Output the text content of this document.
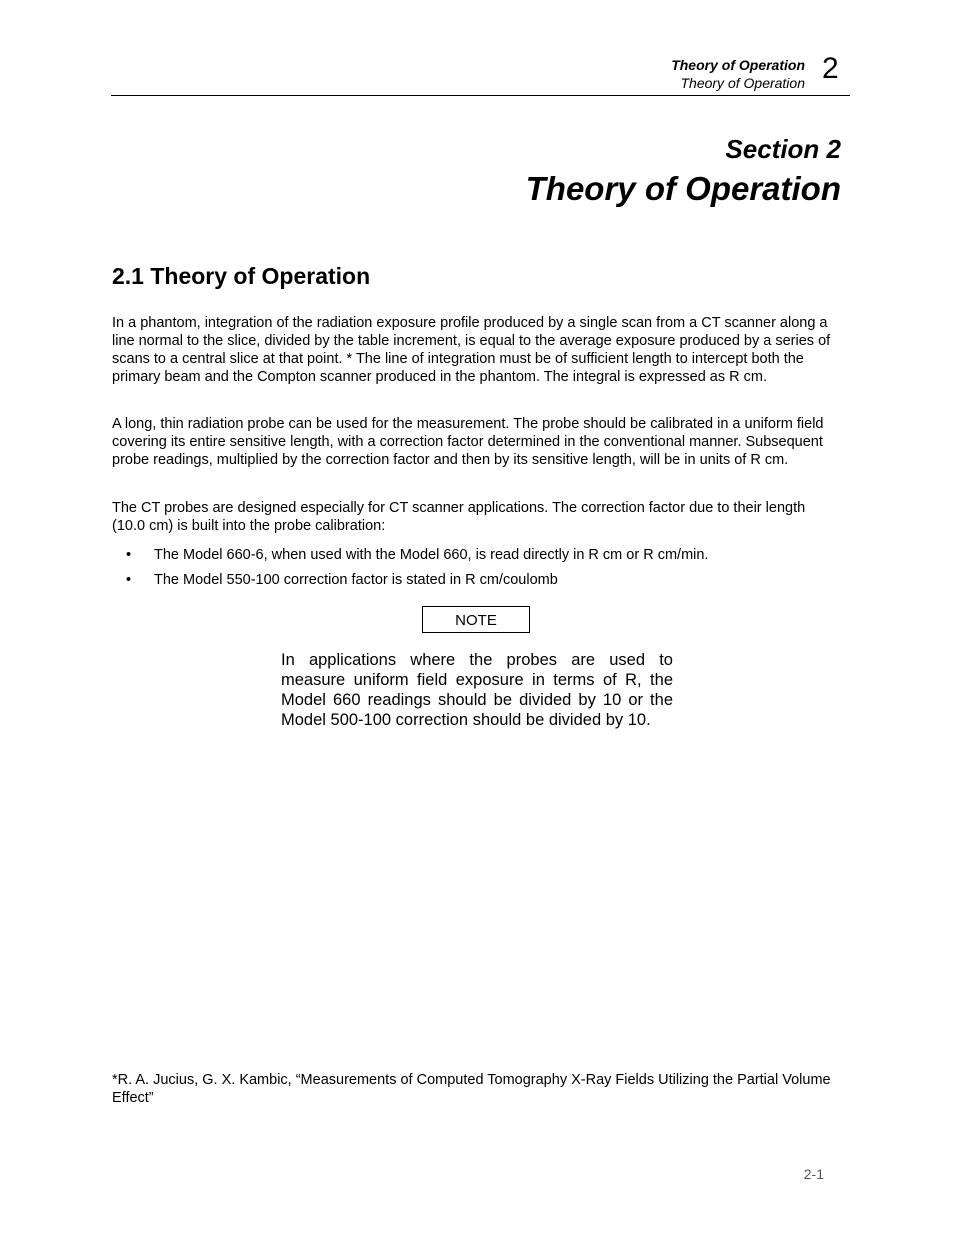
Theory of Operation
Theory of Operation 2
Section 2
Theory of Operation
2.1 Theory of Operation

In a phantom, integration of the radiation exposure profile produced by a single scan from a CT scanner along a line normal to the slice, divided by the table increment, is equal to the average exposure produced by a series of scans to a central slice at that point. * The line of integration must be of sufficient length to intercept both the primary beam and the Compton scanner produced in the phantom. The integral is expressed as R cm.

A long, thin radiation probe can be used for the measurement. The probe should be calibrated in a uniform field covering its entire sensitive length, with a correction factor determined in the conventional manner. Subsequent probe readings, multiplied by the correction factor and then by its sensitive length, will be in units of R cm.

The CT probes are designed especially for CT scanner applications. The correction factor due to their length (10.0 cm) is built into the probe calibration:

• The Model 660-6, when used with the Model 660, is read directly in R cm or R cm/min.
• The Model 550-100 correction factor is stated in R cm/coulomb
NOTE

In applications where the probes are used to measure uniform field exposure in terms of R, the Model 660 readings should be divided by 10 or the Model 500-100 correction should be divided by 10.

*R. A. Jucius, G. X. Kambic, “Measurements of Computed Tomography X-Ray Fields Utilizing the Partial Volume Effect”

2-1
